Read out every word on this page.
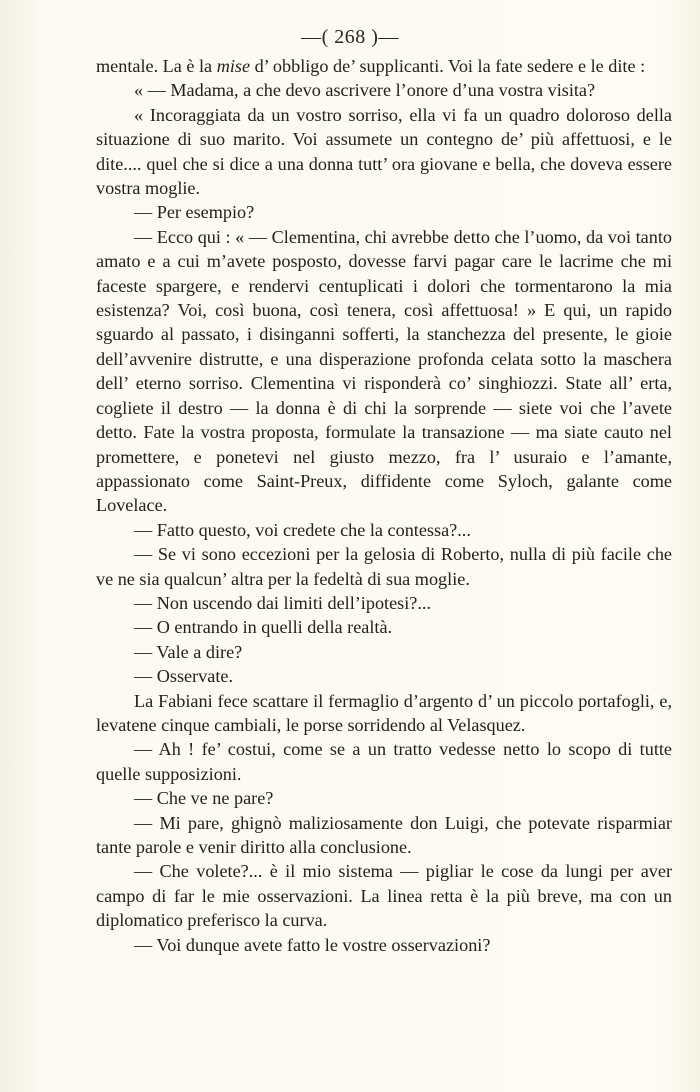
—( 268 )—

mentale. La è la mise d’ obbligo de’ supplicanti. Voi la fate sedere e le dite :

« — Madama, a che devo ascrivere l’onore d’una vostra visita?

« Incoraggiata da un vostro sorriso, ella vi fa un quadro doloroso della situazione di suo marito. Voi assumete un contegno de’ più affettuosi, e le dite.... quel che si dice a una donna tutt’ ora giovane e bella, che doveva essere vostra moglie.

— Per esempio?

— Ecco qui : « — Clementina, chi avrebbe detto che l’uomo, da voi tanto amato e a cui m’avete posposto, dovesse farvi pagar care le lacrime che mi faceste spargere, e rendervi centuplicati i dolori che tormentarono la mia esistenza? Voi, così buona, così tenera, così affettuosa! » E qui, un rapido sguardo al passato, i disinganni sofferti, la stanchezza del presente, le gioie dell’avvenire distrutte, e una disperazione profonda celata sotto la maschera dell’ eterno sorriso. Clementina vi risponderà co’ singhiozzi. State all’ erta, cogliete il destro — la donna è di chi la sorprende — siete voi che l’avete detto. Fate la vostra proposta, formulate la transazione — ma siate cauto nel promettere, e ponetevi nel giusto mezzo, fra l’ usuraio e l’amante, appassionato come Saint-Preux, diffidente come Syloch, galante come Lovelace.

— Fatto questo, voi credete che la contessa?...

— Se vi sono eccezioni per la gelosia di Roberto, nulla di più facile che ve ne sia qualcun’ altra per la fedeltà di sua moglie.

— Non uscendo dai limiti dell’ipotesi?...

— O entrando in quelli della realtà.

— Vale a dire?

— Osservate.

La Fabiani fece scattare il fermaglio d’argento d’ un piccolo portafogli, e, levatene cinque cambiali, le porse sorridendo al Velasquez.

— Ah ! fe’ costui, come se a un tratto vedesse netto lo scopo di tutte quelle supposizioni.

— Che ve ne pare?

— Mi pare, ghignò maliziosamente don Luigi, che potevate risparmiar tante parole e venir diritto alla conclusione.

— Che volete?... è il mio sistema — pigliar le cose da lungi per aver campo di far le mie osservazioni. La linea retta è la più breve, ma con un diplomatico preferisco la curva.

— Voi dunque avete fatto le vostre osservazioni?
